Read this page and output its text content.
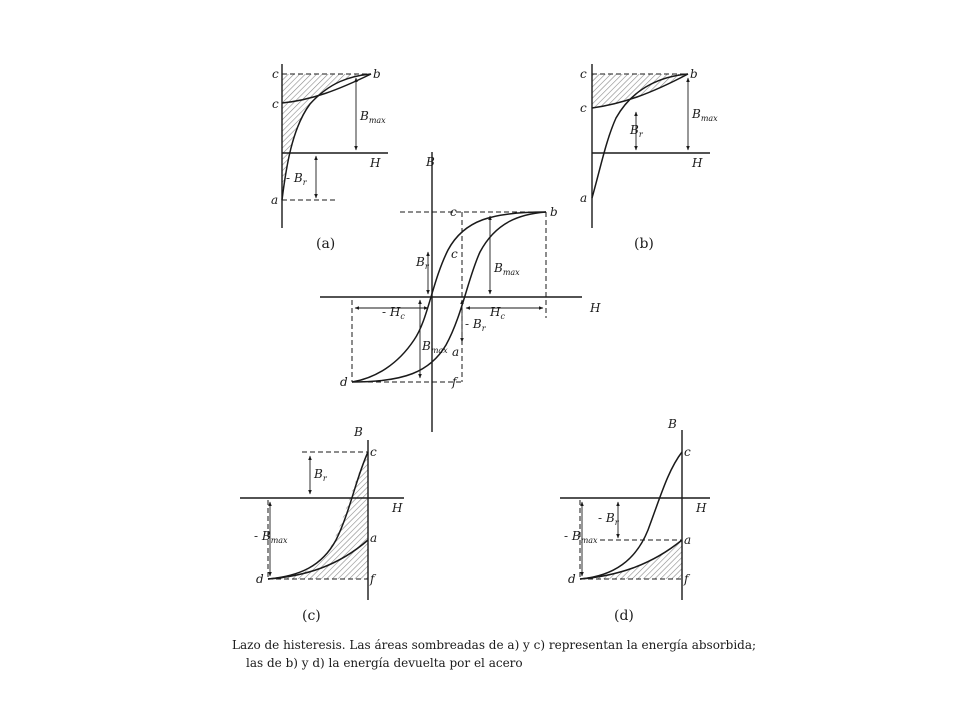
c	b
c
a
H
$B_{max}$
- $B_r$
(a)
c	b
c
a
H
$B_{max}$
$B_r$
(b)
B
H
c	b
c
d	f
a
$B_r$
- $B_r$
$B_{max}$
$B_{max}$
- $H_c$	$H_c$
B
H
c
d	f
a
$B_r$
- $B_{max}$
(c)
B
H
c
d	f
a
- $B_r$
- $B_{max}$
(d)
Lazo de histeresis. Las áreas sombreadas de a) y c) representan la energía absorbida;
las de b) y d) la energía devuelta por el acero
